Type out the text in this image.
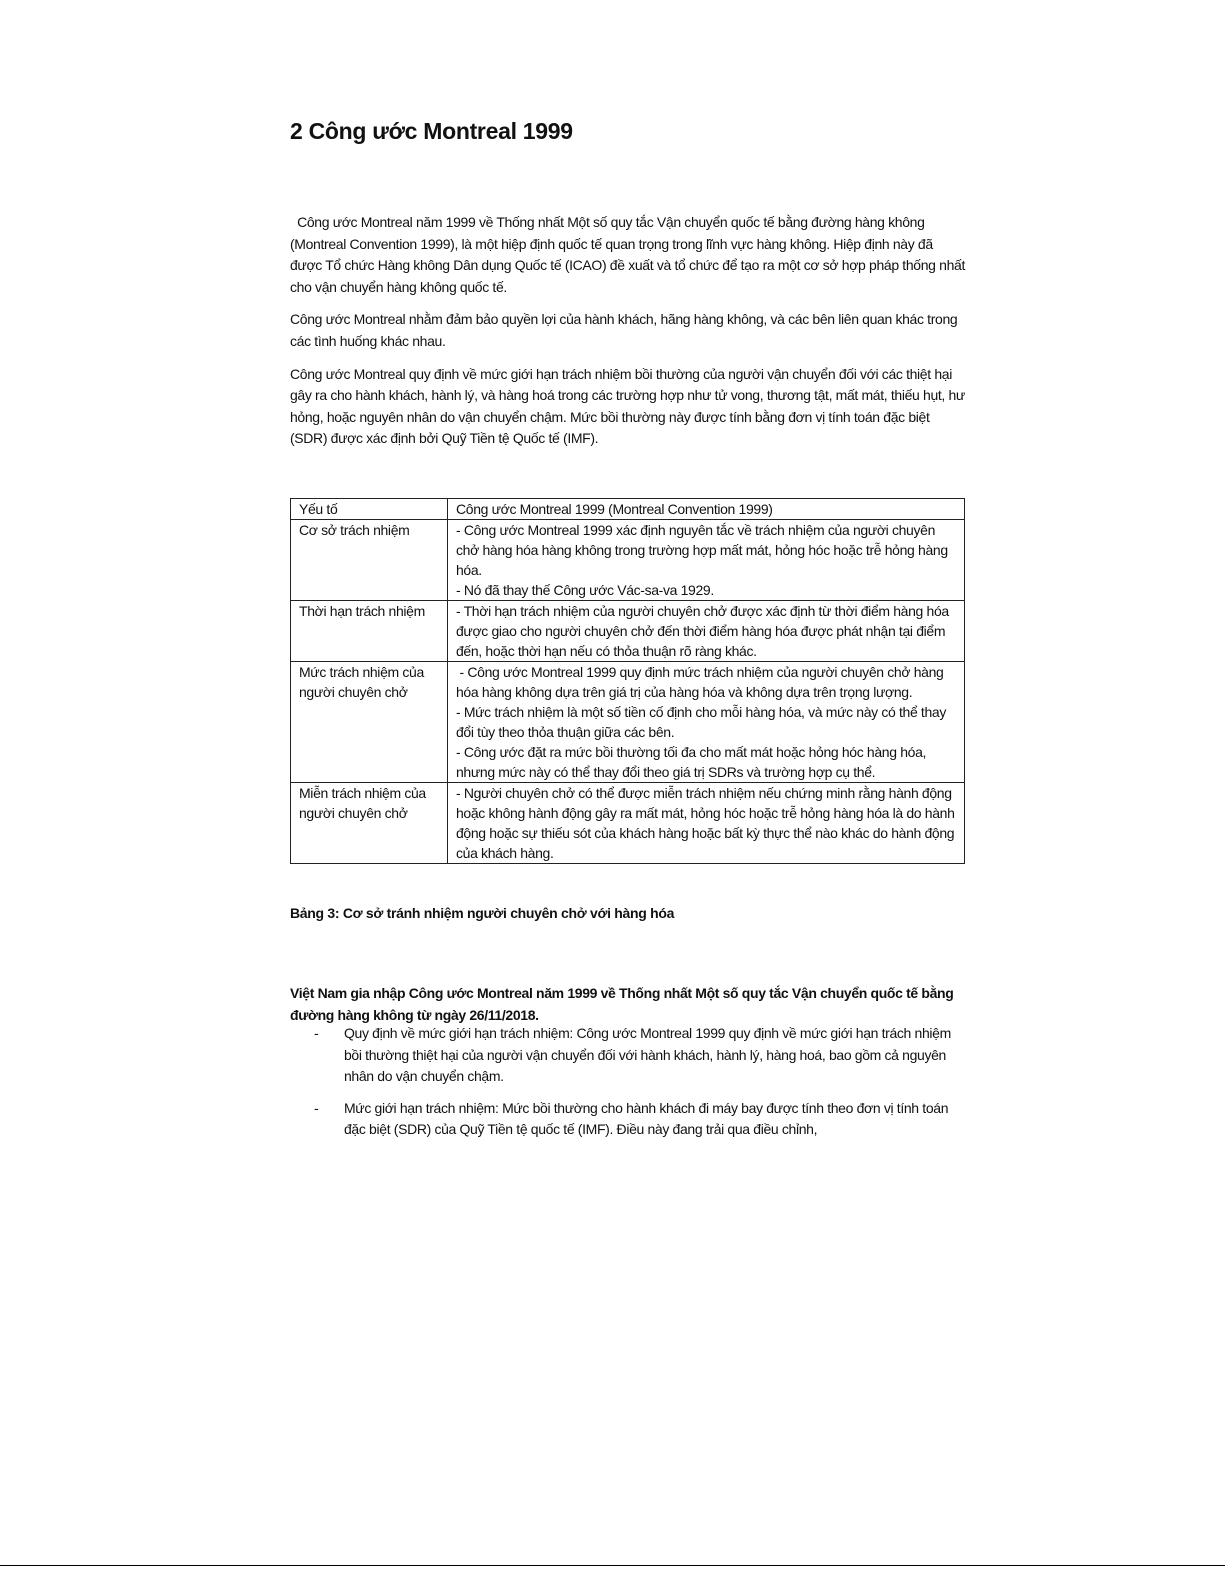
2 Công ước Montreal 1999

Công ước Montreal năm 1999 về Thống nhất Một số quy tắc Vận chuyển quốc tế bằng đường hàng không (Montreal Convention 1999), là một hiệp định quốc tế quan trọng trong lĩnh vực hàng không. Hiệp định này đã được Tổ chức Hàng không Dân dụng Quốc tế (ICAO) đề xuất và tổ chức để tạo ra một cơ sở hợp pháp thống nhất cho vận chuyển hàng không quốc tế.

Công ước Montreal nhằm đảm bảo quyền lợi của hành khách, hãng hàng không, và các bên liên quan khác trong các tình huống khác nhau.

Công ước Montreal quy định về mức giới hạn trách nhiệm bồi thường của người vận chuyển đối với các thiệt hại gây ra cho hành khách, hành lý, và hàng hoá trong các trường hợp như tử vong, thương tật, mất mát, thiếu hụt, hư hỏng, hoặc nguyên nhân do vận chuyển chậm. Mức bồi thường này được tính bằng đơn vị tính toán đặc biệt (SDR) được xác định bởi Quỹ Tiền tệ Quốc tế (IMF).

Yếu tố	Công ước Montreal 1999 (Montreal Convention 1999)
Cơ sở trách nhiệm	- Công ước Montreal 1999 xác định nguyên tắc về trách nhiệm của người chuyên chở hàng hóa hàng không trong trường hợp mất mát, hỏng hóc hoặc trễ hỏng hàng hóa.
- Nó đã thay thế Công ước Vác-sa-va 1929.

Thời hạn trách nhiệm	- Thời hạn trách nhiệm của người chuyên chở được xác định từ thời điểm hàng hóa được giao cho người chuyên chở đến thời điểm hàng hóa được phát nhận tại điểm đến, hoặc thời hạn nếu có thỏa thuận rõ ràng khác.

Mức trách nhiệm của người chuyên chở	- Công ước Montreal 1999 quy định mức trách nhiệm của người chuyên chở hàng hóa hàng không dựa trên giá trị của hàng hóa và không dựa trên trọng lượng.
- Mức trách nhiệm là một số tiền cố định cho mỗi hàng hóa, và mức này có thể thay đổi tùy theo thỏa thuận giữa các bên.
- Công ước đặt ra mức bồi thường tối đa cho mất mát hoặc hỏng hóc hàng hóa, nhưng mức này có thể thay đổi theo giá trị SDRs và trường hợp cụ thể.

Miễn trách nhiệm của người chuyên chở	- Người chuyên chở có thể được miễn trách nhiệm nếu chứng minh rằng hành động hoặc không hành động gây ra mất mát, hỏng hóc hoặc trễ hỏng hàng hóa là do hành động hoặc sự thiếu sót của khách hàng hoặc bất kỳ thực thể nào khác do hành động của khách hàng.
Bảng 3: Cơ sở tránh nhiệm người chuyên chở với hàng hóa

Việt Nam gia nhập Công ước Montreal năm 1999 về Thống nhất Một số quy tắc Vận chuyển quốc tế bằng đường hàng không từ ngày 26/11/2018.

- Quy định về mức giới hạn trách nhiệm: Công ước Montreal 1999 quy định về mức giới hạn trách nhiệm bồi thường thiệt hại của người vận chuyển đối với hành khách, hành lý, hàng hoá, bao gồm cả nguyên nhân do vận chuyển chậm.
- Mức giới hạn trách nhiệm: Mức bồi thường cho hành khách đi máy bay được tính theo đơn vị tính toán đặc biệt (SDR) của Quỹ Tiền tệ quốc tế (IMF). Điều này đang trải qua điều chỉnh,
